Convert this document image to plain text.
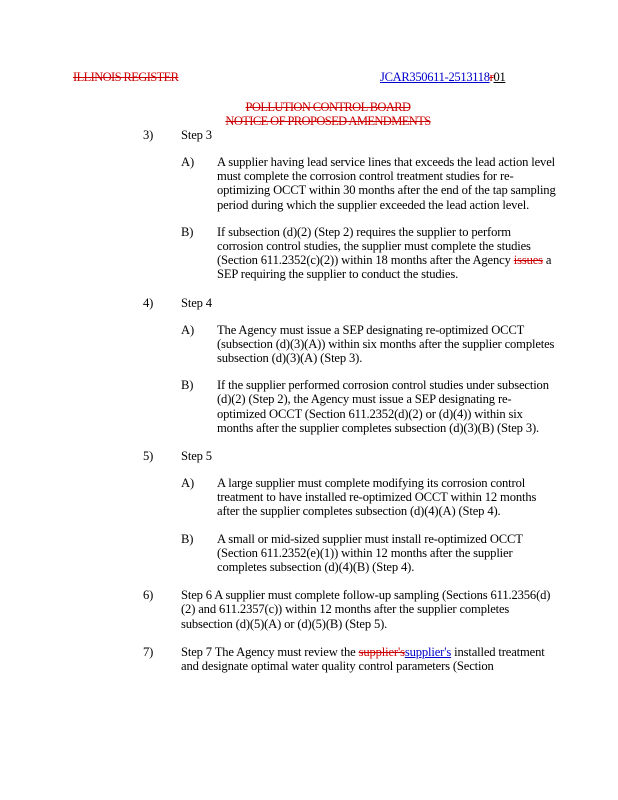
ILLINOIS REGISTER	JCAR350611-2513118r01
POLLUTION CONTROL BOARD
NOTICE OF PROPOSED AMENDMENTS
3) Step 3
A) A supplier having lead service lines that exceeds the lead action level must complete the corrosion control treatment studies for re-optimizing OCCT within 30 months after the end of the tap sampling period during which the supplier exceeded the lead action level.
B) If subsection (d)(2) (Step 2) requires the supplier to perform corrosion control studies, the supplier must complete the studies (Section 611.2352(c)(2)) within 18 months after the Agency issues a SEP requiring the supplier to conduct the studies.
4) Step 4
A) The Agency must issue a SEP designating re-optimized OCCT (subsection (d)(3)(A)) within six months after the supplier completes subsection (d)(3)(A) (Step 3).
B) If the supplier performed corrosion control studies under subsection (d)(2) (Step 2), the Agency must issue a SEP designating re-optimized OCCT (Section 611.2352(d)(2) or (d)(4)) within six months after the supplier completes subsection (d)(3)(B) (Step 3).
5) Step 5
A) A large supplier must complete modifying its corrosion control treatment to have installed re-optimized OCCT within 12 months after the supplier completes subsection (d)(4)(A) (Step 4).
B) A small or mid-sized supplier must install re-optimized OCCT (Section 611.2352(e)(1)) within 12 months after the supplier completes subsection (d)(4)(B) (Step 4).
6) Step 6 A supplier must complete follow-up sampling (Sections 611.2356(d)(2) and 611.2357(c)) within 12 months after the supplier completes subsection (d)(5)(A) or (d)(5)(B) (Step 5).
7) Step 7 The Agency must review the supplier'ssupplier's installed treatment and designate optimal water quality control parameters (Section
